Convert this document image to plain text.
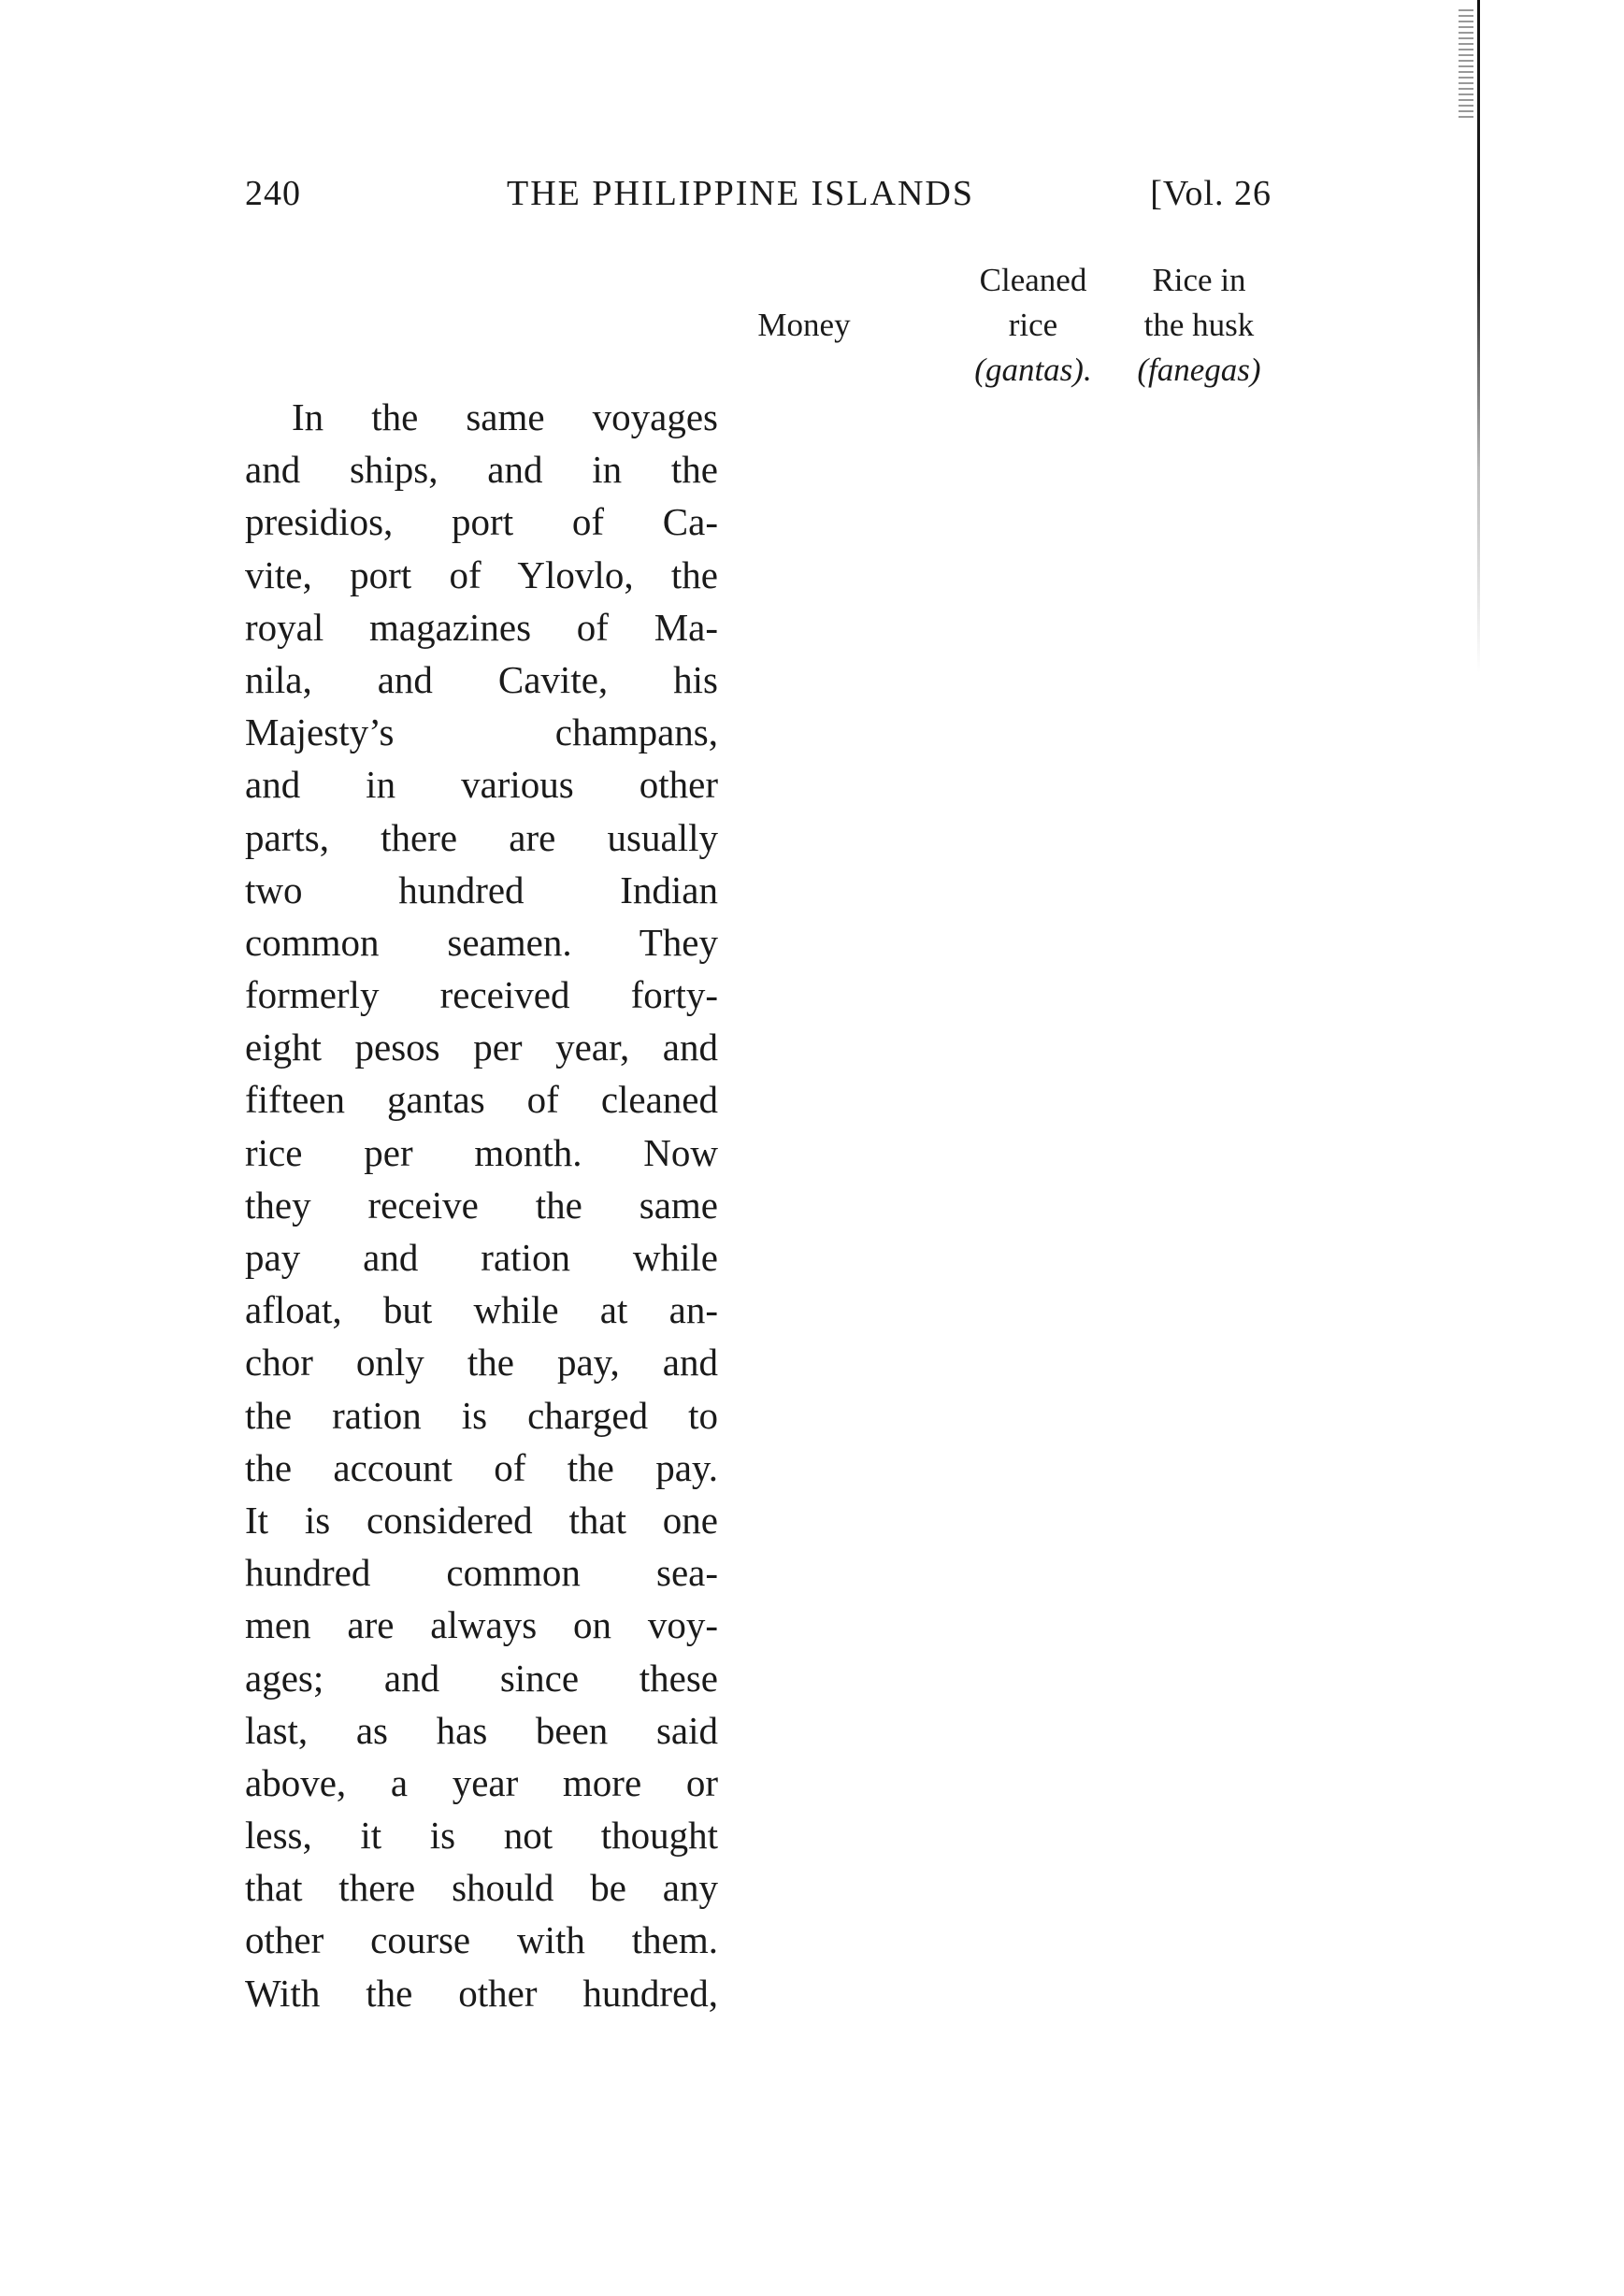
240	THE PHILIPPINE ISLANDS	[Vol. 26
Money
Cleaned
rice
(gantas).
Rice in
the husk
(fanegas)
In the same voyages
and ships, and in the
presidios, port of Ca-
vite, port of Ylovlo, the
royal magazines of Ma-
nila, and Cavite, his
Majesty’s champans,
and in various other
parts, there are usually
two hundred Indian
common seamen. They
formerly received forty-
eight pesos per year, and
fifteen gantas of cleaned
rice per month. Now
they receive the same
pay and ration while
afloat, but while at an-
chor only the pay, and
the ration is charged to
the account of the pay.
It is considered that one
hundred common sea-
men are always on voy-
ages; and since these
last, as has been said
above, a year more or
less, it is not thought
that there should be any
other course with them.
With the other hundred,
